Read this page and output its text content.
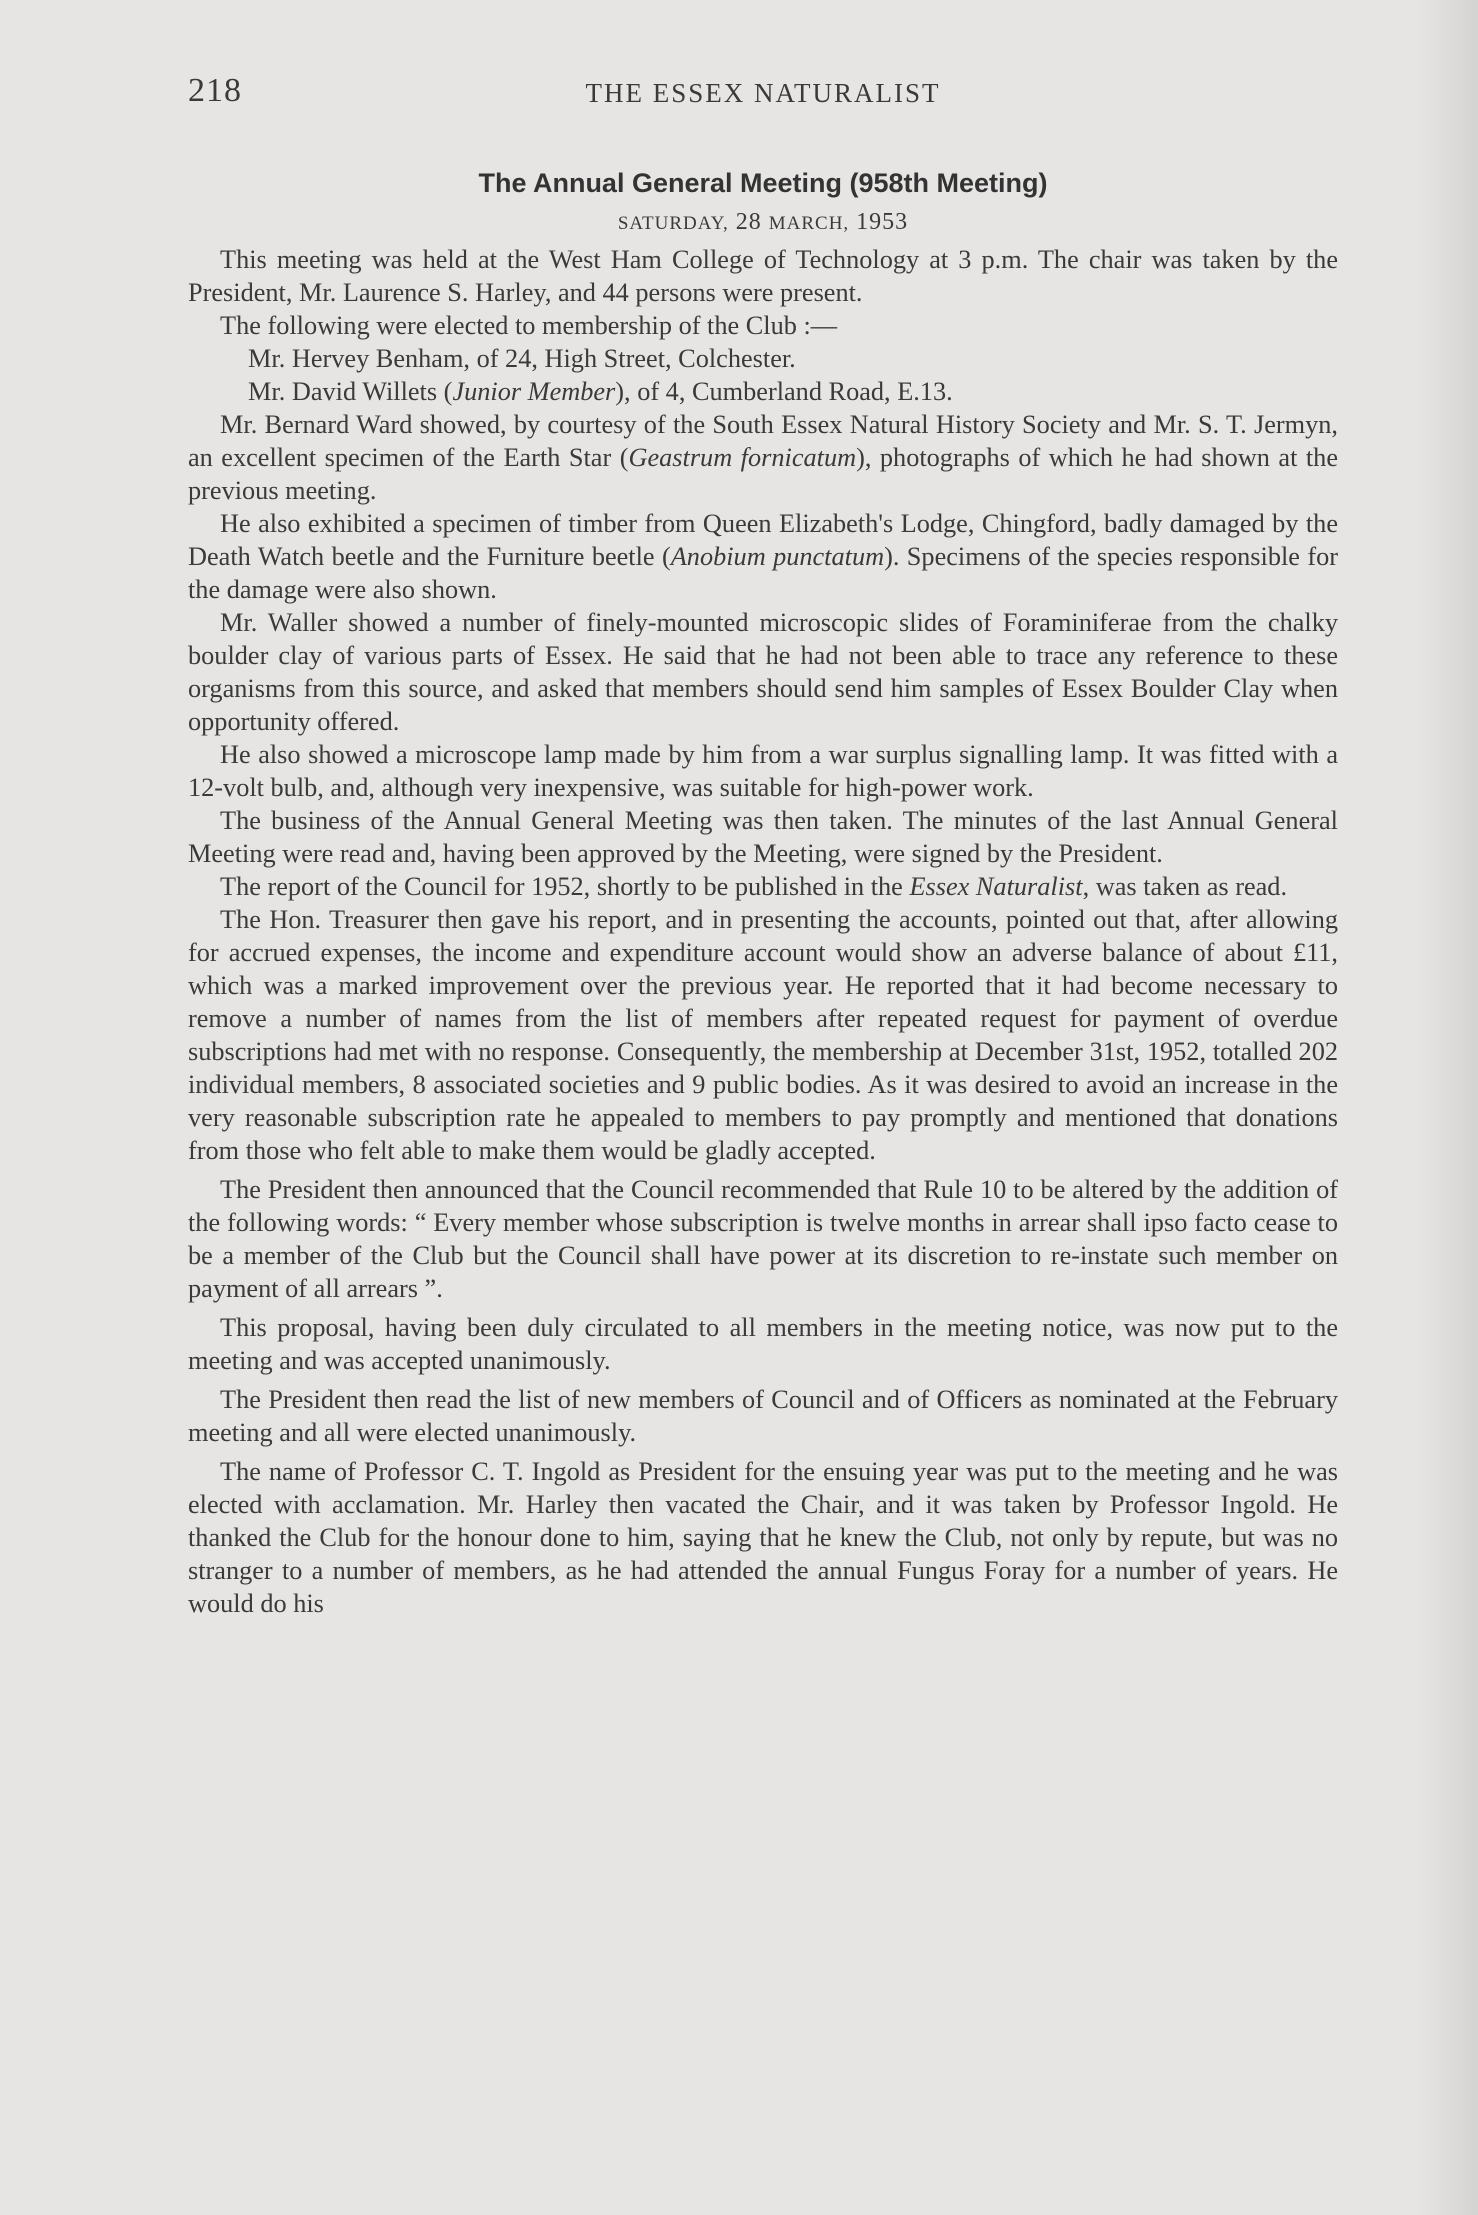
218	THE ESSEX NATURALIST
The Annual General Meeting (958th Meeting)
SATURDAY, 28 MARCH, 1953

This meeting was held at the West Ham College of Technology at 3 p.m. The chair was taken by the President, Mr. Laurence S. Harley, and 44 persons were present.

The following were elected to membership of the Club :—

Mr. Hervey Benham, of 24, High Street, Colchester.

Mr. David Willets (Junior Member), of 4, Cumberland Road, E.13.

Mr. Bernard Ward showed, by courtesy of the South Essex Natural History Society and Mr. S. T. Jermyn, an excellent specimen of the Earth Star (Geastrum fornicatum), photographs of which he had shown at the previous meeting.

He also exhibited a specimen of timber from Queen Elizabeth's Lodge, Chingford, badly damaged by the Death Watch beetle and the Furniture beetle (Anobium punctatum). Specimens of the species responsible for the damage were also shown.

Mr. Waller showed a number of finely-mounted microscopic slides of Foraminiferae from the chalky boulder clay of various parts of Essex. He said that he had not been able to trace any reference to these organisms from this source, and asked that members should send him samples of Essex Boulder Clay when opportunity offered.

He also showed a microscope lamp made by him from a war surplus signalling lamp. It was fitted with a 12-volt bulb, and, although very inexpensive, was suitable for high-power work.

The business of the Annual General Meeting was then taken. The minutes of the last Annual General Meeting were read and, having been approved by the Meeting, were signed by the President.

The report of the Council for 1952, shortly to be published in the Essex Naturalist, was taken as read.

The Hon. Treasurer then gave his report, and in presenting the accounts, pointed out that, after allowing for accrued expenses, the income and expenditure account would show an adverse balance of about £11, which was a marked improvement over the previous year. He reported that it had become necessary to remove a number of names from the list of members after repeated request for payment of overdue subscriptions had met with no response. Consequently, the membership at December 31st, 1952, totalled 202 individual members, 8 associated societies and 9 public bodies. As it was desired to avoid an increase in the very reasonable subscription rate he appealed to members to pay promptly and mentioned that donations from those who felt able to make them would be gladly accepted.

The President then announced that the Council recommended that Rule 10 to be altered by the addition of the following words: “ Every member whose subscription is twelve months in arrear shall ipso facto cease to be a member of the Club but the Council shall have power at its discretion to re-instate such member on payment of all arrears ”.

This proposal, having been duly circulated to all members in the meeting notice, was now put to the meeting and was accepted unanimously.

The President then read the list of new members of Council and of Officers as nominated at the February meeting and all were elected unanimously.

The name of Professor C. T. Ingold as President for the ensuing year was put to the meeting and he was elected with acclamation. Mr. Harley then vacated the Chair, and it was taken by Professor Ingold. He thanked the Club for the honour done to him, saying that he knew the Club, not only by repute, but was no stranger to a number of members, as he had attended the annual Fungus Foray for a number of years. He would do his
